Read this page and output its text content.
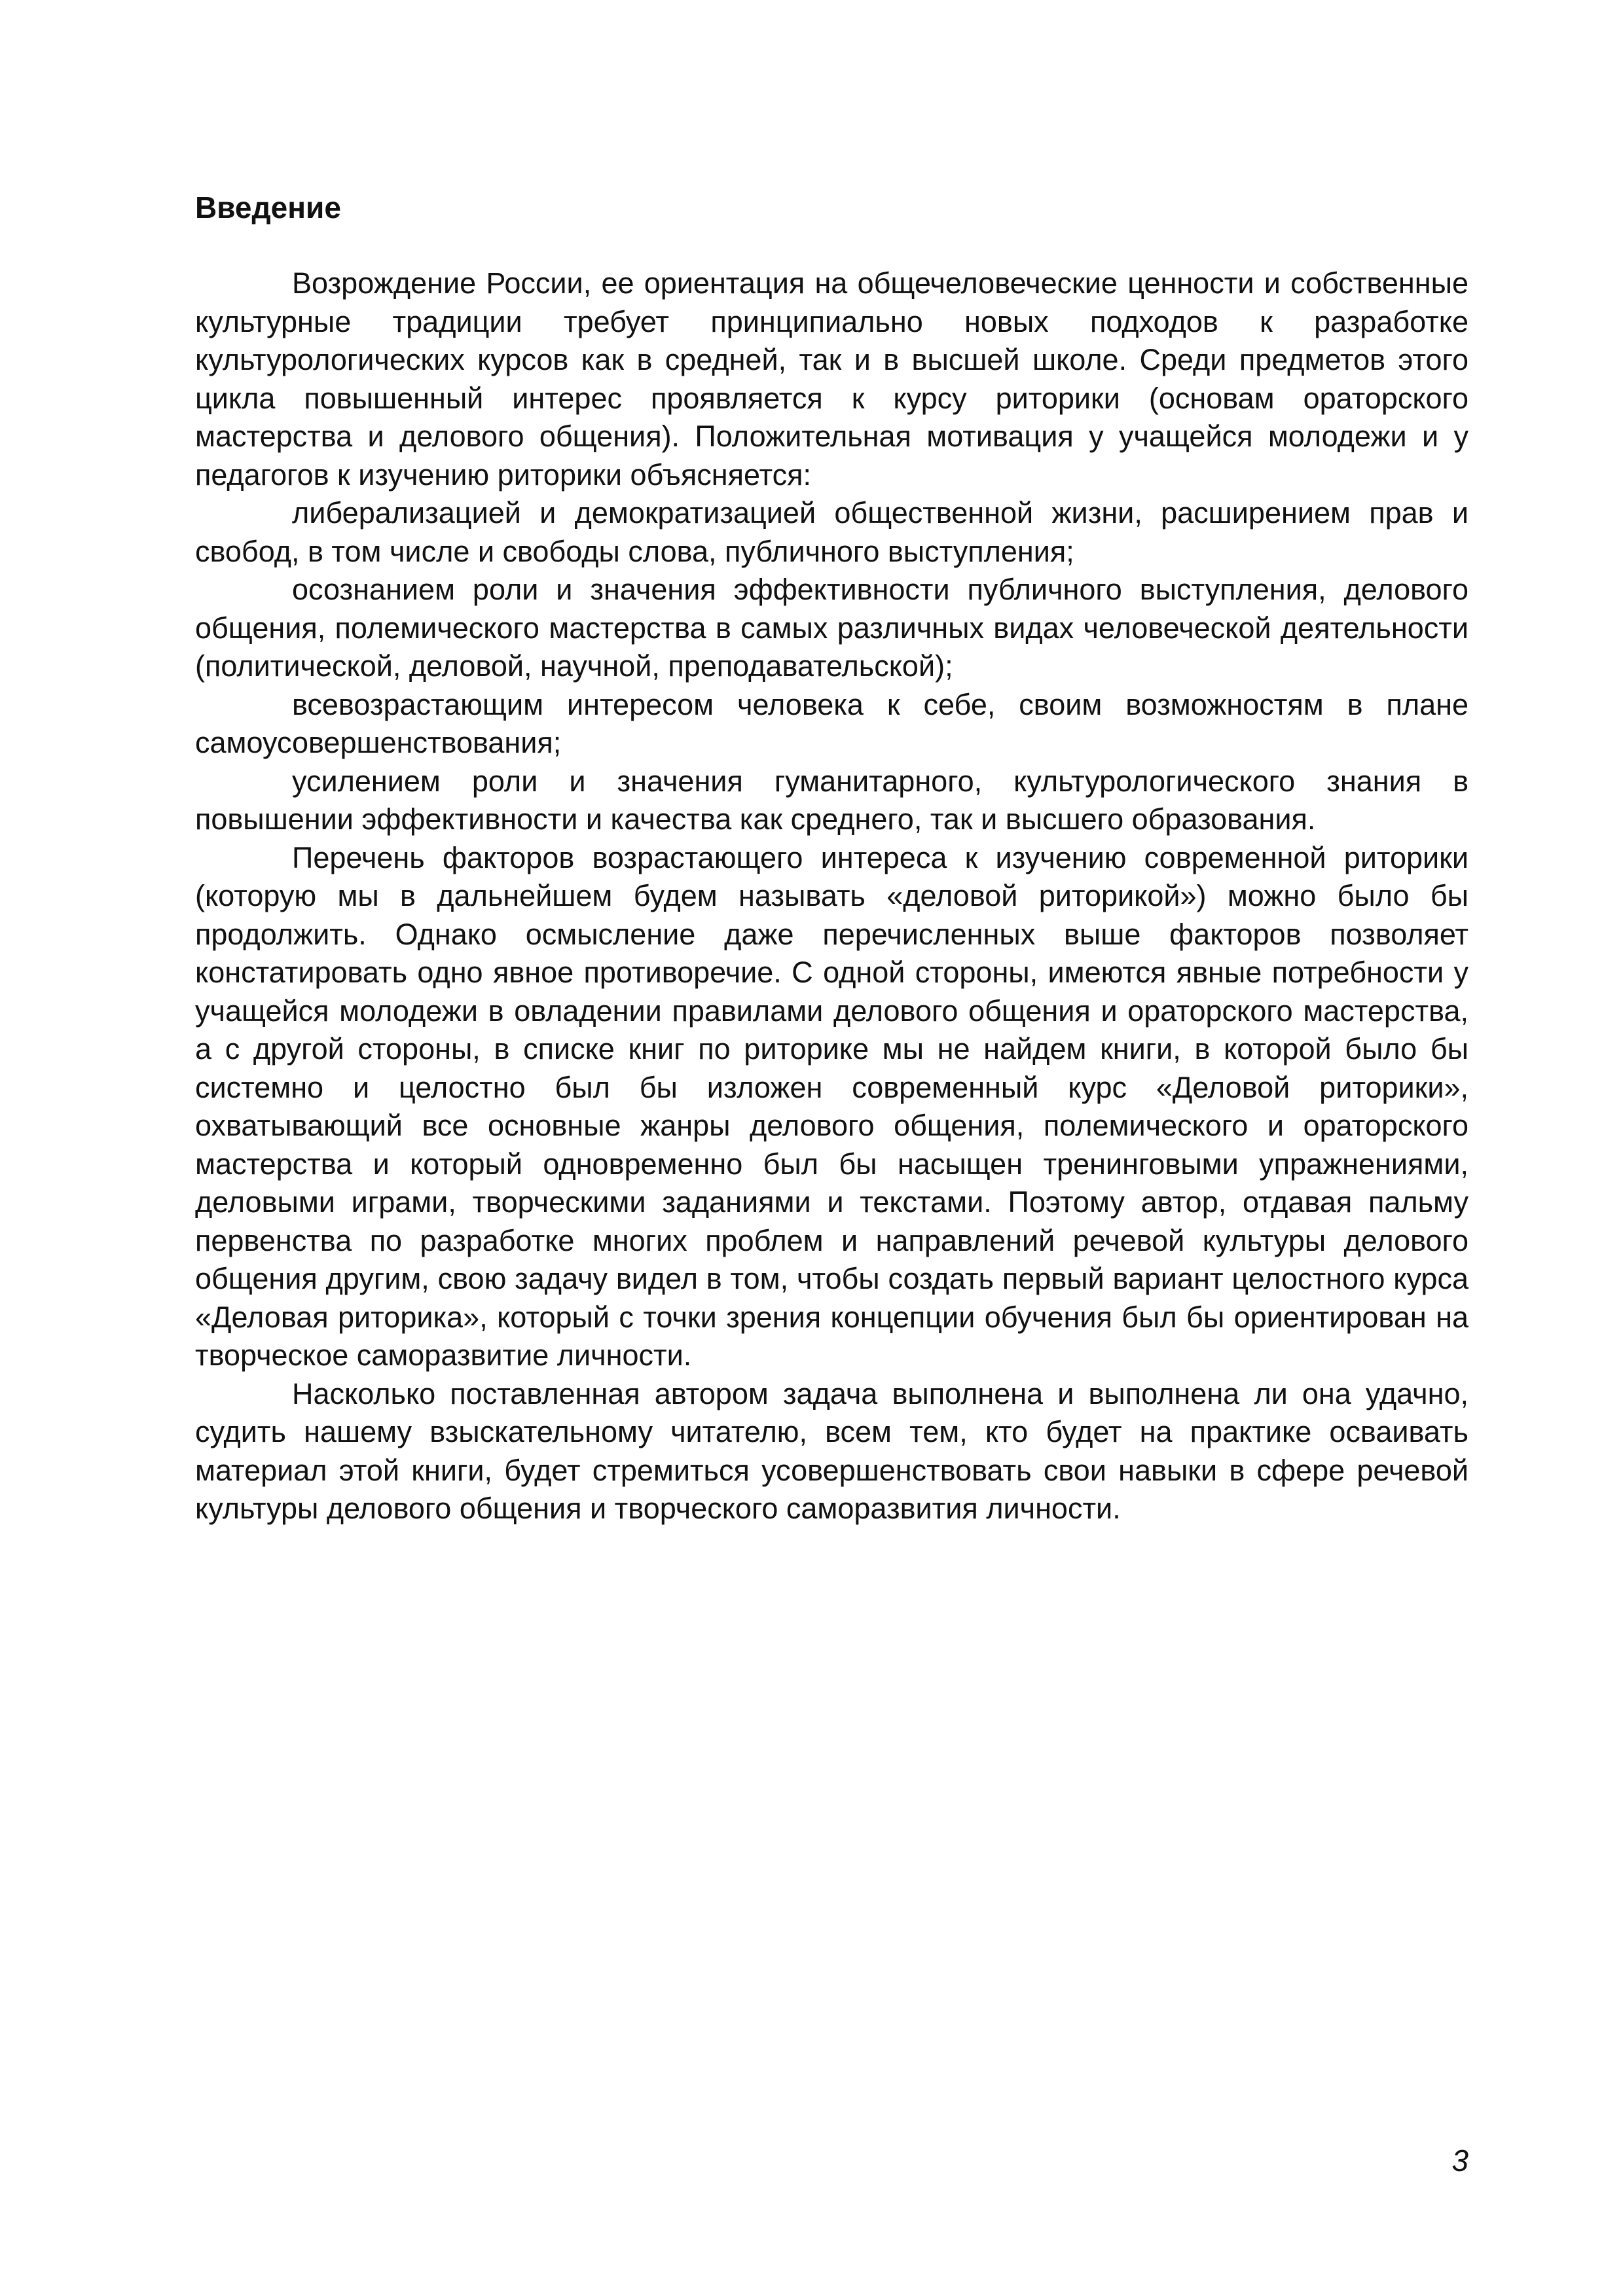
Введение

Возрождение России, ее ориентация на общечеловеческие ценности и собственные культурные традиции требует принципиально новых подходов к разработке культурологических курсов как в средней, так и в высшей школе. Среди предметов этого цикла повышенный интерес проявляется к курсу риторики (основам ораторского мастерства и делового общения). Положительная мотивация у учащейся молодежи и у педагогов к изучению риторики объясняется:

либерализацией и демократизацией общественной жизни, расширением прав и свобод, в том числе и свободы слова, публичного выступления;

осознанием роли и значения эффективности публичного выступления, делового общения, полемического мастерства в самых различных видах человеческой деятельности (политической, деловой, научной, преподавательской);

всевозрастающим интересом человека к себе, своим возможностям в плане самоусовершенствования;

усилением роли и значения гуманитарного, культурологического знания в повышении эффективности и качества как среднего, так и высшего образования.

Перечень факторов возрастающего интереса к изучению современной риторики (которую мы в дальнейшем будем называть «деловой риторикой») можно было бы продолжить. Однако осмысление даже перечисленных выше факторов позволяет констатировать одно явное противоречие. С одной стороны, имеются явные потребности у учащейся молодежи в овладении правилами делового общения и ораторского мастерства, а с другой стороны, в списке книг по риторике мы не найдем книги, в которой было бы системно и целостно был бы изложен современный курс «Деловой риторики», охватывающий все основные жанры делового общения, полемического и ораторского мастерства и который одновременно был бы насыщен тренинговыми упражнениями, деловыми играми, творческими заданиями и текстами. Поэтому автор, отдавая пальму первенства по разработке многих проблем и направлений речевой культуры делового общения другим, свою задачу видел в том, чтобы создать первый вариант целостного курса «Деловая риторика», который с точки зрения концепции обучения был бы ориентирован на творческое саморазвитие личности.

Насколько поставленная автором задача выполнена и выполнена ли она удачно, судить нашему взыскательному читателю, всем тем, кто будет на практике осваивать материал этой книги, будет стремиться усовершенствовать свои навыки в сфере речевой культуры делового общения и творческого саморазвития личности.

3
